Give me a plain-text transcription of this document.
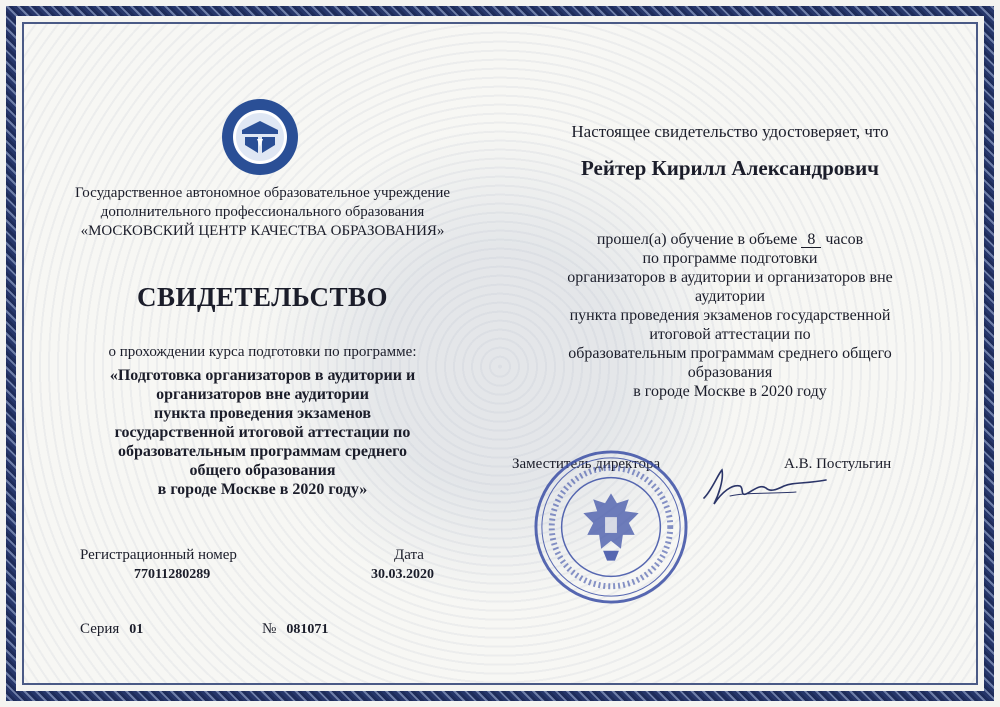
Государственное автономное образовательное учреждение
дополнительного профессионального образования
«МОСКОВСКИЙ ЦЕНТР КАЧЕСТВА ОБРАЗОВАНИЯ»
СВИДЕТЕЛЬСТВО
о прохождении курса подготовки по программе:
«Подготовка организаторов в аудитории и
организаторов вне аудитории
пункта проведения экзаменов
государственной итоговой аттестации по
образовательным программам среднего
общего образования
в городе Москве в 2020 году»
Регистрационный номер
77011280289
Дата
30.03.2020
Серия 01	№ 081071
Настоящее свидетельство удостоверяет, что
Рейтер Кирилл Александрович
прошел(а) обучение в объеме 8 часов
по программе подготовки
организаторов в аудитории и организаторов вне
аудитории
пункта проведения экзаменов государственной
итоговой аттестации по
образовательным программам среднего общего
образования
в городе Москве в 2020 году
Заместитель директора	А.В. Постульгин
